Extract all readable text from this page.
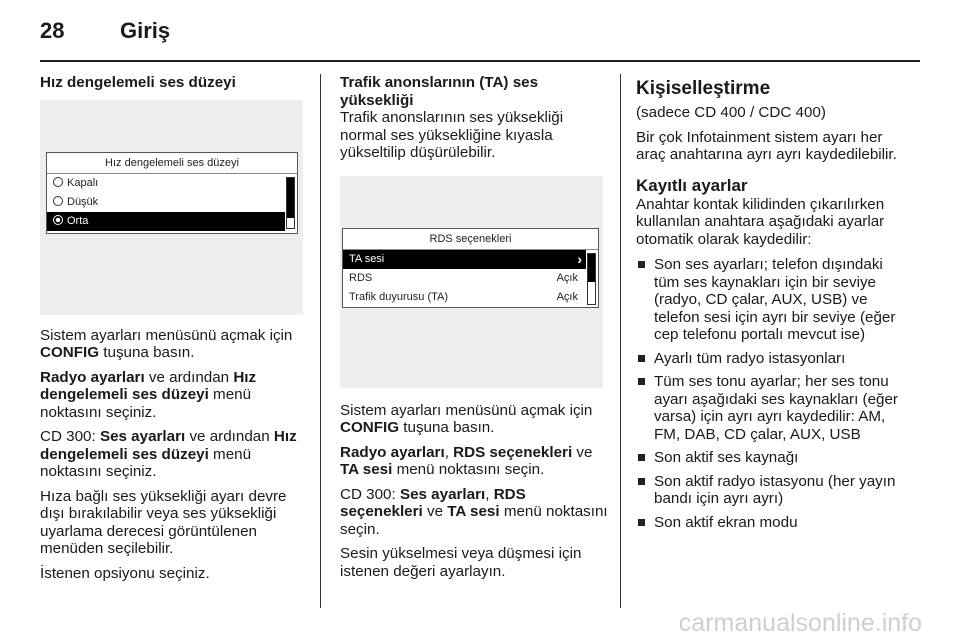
28	Giriş
Hız dengelemeli ses düzeyi
Hız dengelemeli ses düzeyi
Kapalı
Düşük
Orta

Sistem ayarları menüsünü açmak için CONFIG tuşuna basın.

Radyo ayarları ve ardından Hız dengelemeli ses düzeyi menü noktasını seçiniz.

CD 300: Ses ayarları ve ardından Hız dengelemeli ses düzeyi menü noktasını seçiniz.

Hıza bağlı ses yüksekliği ayarı devre dışı bırakılabilir veya ses yüksekliği uyarlama derecesi görüntülenen menüden seçilebilir.

İstenen opsiyonu seçiniz.

Trafik anonslarının (TA) ses yüksekliği

Trafik anonslarının ses yüksekliği normal ses yüksekliğine kıyasla yükseltilip düşürülebilir.

RDS seçenekleri
TA sesi	›
RDS	Açık
Trafik duyurusu (TA)	Açık

Sistem ayarları menüsünü açmak için CONFIG tuşuna basın.

Radyo ayarları, RDS seçenekleri ve TA sesi menü noktasını seçin.

CD 300: Ses ayarları, RDS seçenekleri ve TA sesi menü noktasını seçin.

Sesin yükselmesi veya düşmesi için istenen değeri ayarlayın.

Kişiselleştirme

(sadece CD 400 / CDC 400)

Bir çok Infotainment sistem ayarı her araç anahtarına ayrı ayrı kaydedilebilir.

Kayıtlı ayarlar

Anahtar kontak kilidinden çıkarılırken kullanılan anahtara aşağıdaki ayarlar otomatik olarak kaydedilir:

Son ses ayarları; telefon dışındaki tüm ses kaynakları için bir seviye (radyo, CD çalar, AUX, USB) ve telefon sesi için ayrı bir seviye (eğer cep telefonu portalı mevcut ise)
Ayarlı tüm radyo istasyonları
Tüm ses tonu ayarlar; her ses tonu ayarı aşağıdaki ses kaynakları (eğer varsa) için ayrı ayrı kaydedilir: AM, FM, DAB, CD çalar, AUX, USB
Son aktif ses kaynağı
Son aktif radyo istasyonu (her yayın bandı için ayrı ayrı)
Son aktif ekran modu
carmanualsonline.info
